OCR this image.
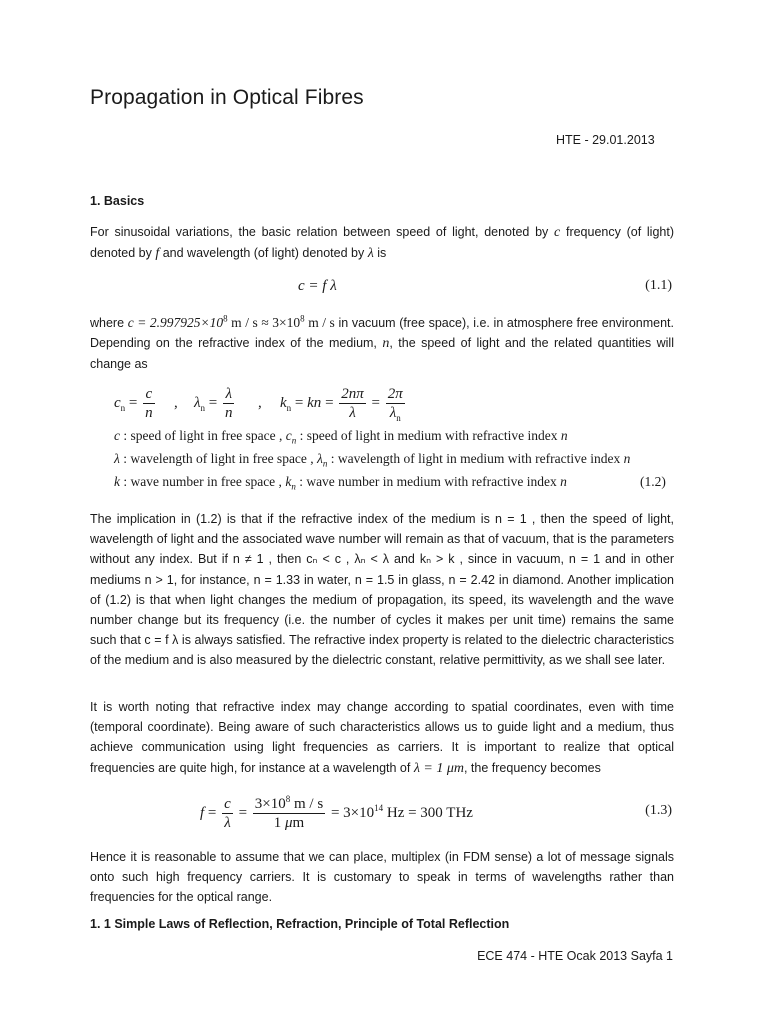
Propagation in Optical Fibres
HTE - 29.01.2013
1. Basics

For sinusoidal variations, the basic relation between speed of light, denoted by c frequency (of light) denoted by f and wavelength (of light) denoted by λ is

c = f λ	(1.1)

where $c = 2.997925\times 10^8$ $m / s \approx 3\times 10^8$ m / s in vacuum (free space), i.e. in atmosphere free environment. Depending on the refractive index of the medium, n, the speed of light and the related quantities will change as

$c_n = \frac{c}{n}$ , $\lambda_n = \frac{\lambda}{n}$ , $k_n$ = kn = $\frac{2n\pi}{\lambda} = \frac{2\pi}{\lambda_n}$
c : speed of light in free space , $c_n$ : speed of light in medium with refractive index n
λ : wavelength of light in free space , $\lambda_n$ : wavelength of light in medium with refractive index n
k : wave number in free space , $k_n$ : wave number in medium with refractive index n	(1.2)

The implication in (1.2) is that if the refractive index of the medium is n = 1 , then the speed of light, wavelength of light and the associated wave number will remain as that of vacuum, that is the parameters without any index. But if n ≠ 1 , then cₙ < c , λₙ < λ and kₙ > k , since in vacuum, n = 1 and in other mediums n > 1, for instance, n = 1.33 in water, n = 1.5 in glass, n = 2.42 in diamond. Another implication of (1.2) is that when light changes the medium of propagation, its speed, its wavelength and the wave number change but its frequency (i.e. the number of cycles it makes per unit time) remains the same such that c = f λ is always satisfied. The refractive index property is related to the dielectric characteristics of the medium and is also measured by the dielectric constant, relative permittivity, as we shall see later.

It is worth noting that refractive index may change according to spatial coordinates, even with time (temporal coordinate). Being aware of such characteristics allows us to guide light and a medium, thus achieve communication using light frequencies as carriers. It is important to realize that optical frequencies are quite high, for instance at a wavelength of λ = 1 μm, the frequency becomes

$f = \frac{c}{\lambda} = \frac{3\times 10^8 m / s}{1 \mu m} = 3\times 10^{14}$ Hz = 300 THz	(1.3)

Hence it is reasonable to assume that we can place, multiplex (in FDM sense) a lot of message signals onto such high frequency carriers. It is customary to speak in terms of wavelengths rather than frequencies for the optical range.

1. 1 Simple Laws of Reflection, Refraction, Principle of Total Reflection
ECE 474 - HTE Ocak 2013 Sayfa 1
